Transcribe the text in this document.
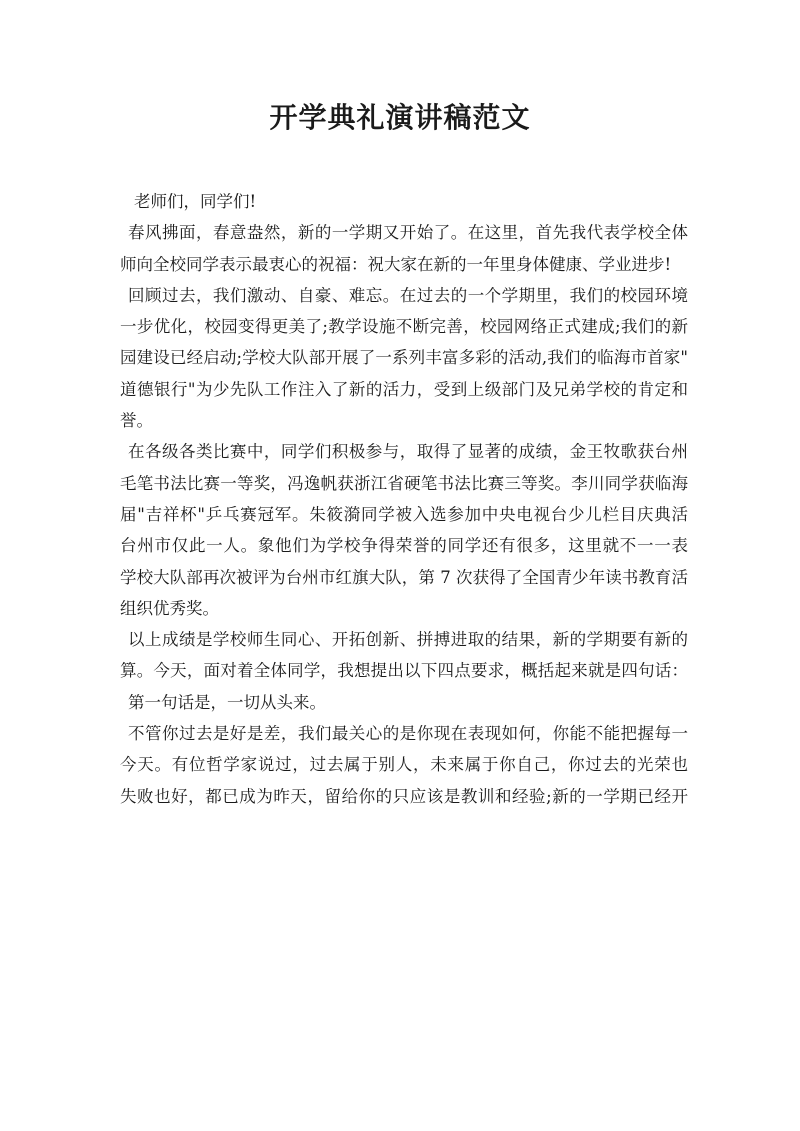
开学典礼演讲稿范文
老师们，同学们!
春风拂面，春意盎然，新的一学期又开始了。在这里，首先我代表学校全体
师向全校同学表示最衷心的祝福：祝大家在新的一年里身体健康、学业进步!
回顾过去，我们激动、自豪、难忘。在过去的一个学期里，我们的校园环境
一步优化，校园变得更美了;教学设施不断完善，校园网络正式建成;我们的新
园建设已经启动;学校大队部开展了一系列丰富多彩的活动,我们的临海市首家"
道德银行"为少先队工作注入了新的活力，受到上级部门及兄弟学校的肯定和
誉。
在各级各类比赛中，同学们积极参与，取得了显著的成绩，金王牧歌获台州
毛笔书法比赛一等奖，冯逸帆获浙江省硬笔书法比赛三等奖。李川同学获临海
届"吉祥杯"乒乓赛冠军。朱筱漪同学被入选参加中央电视台少儿栏目庆典活
台州市仅此一人。象他们为学校争得荣誉的同学还有很多，这里就不一一表
学校大队部再次被评为台州市红旗大队，第 7 次获得了全国青少年读书教育活
组织优秀奖。
以上成绩是学校师生同心、开拓创新、拼搏进取的结果，新的学期要有新的
算。今天，面对着全体同学，我想提出以下四点要求，概括起来就是四句话：
第一句话是，一切从头来。
不管你过去是好是差，我们最关心的是你现在表现如何，你能不能把握每一
今天。有位哲学家说过，过去属于别人，未来属于你自己，你过去的光荣也
失败也好，都已成为昨天，留给你的只应该是教训和经验;新的一学期已经开
